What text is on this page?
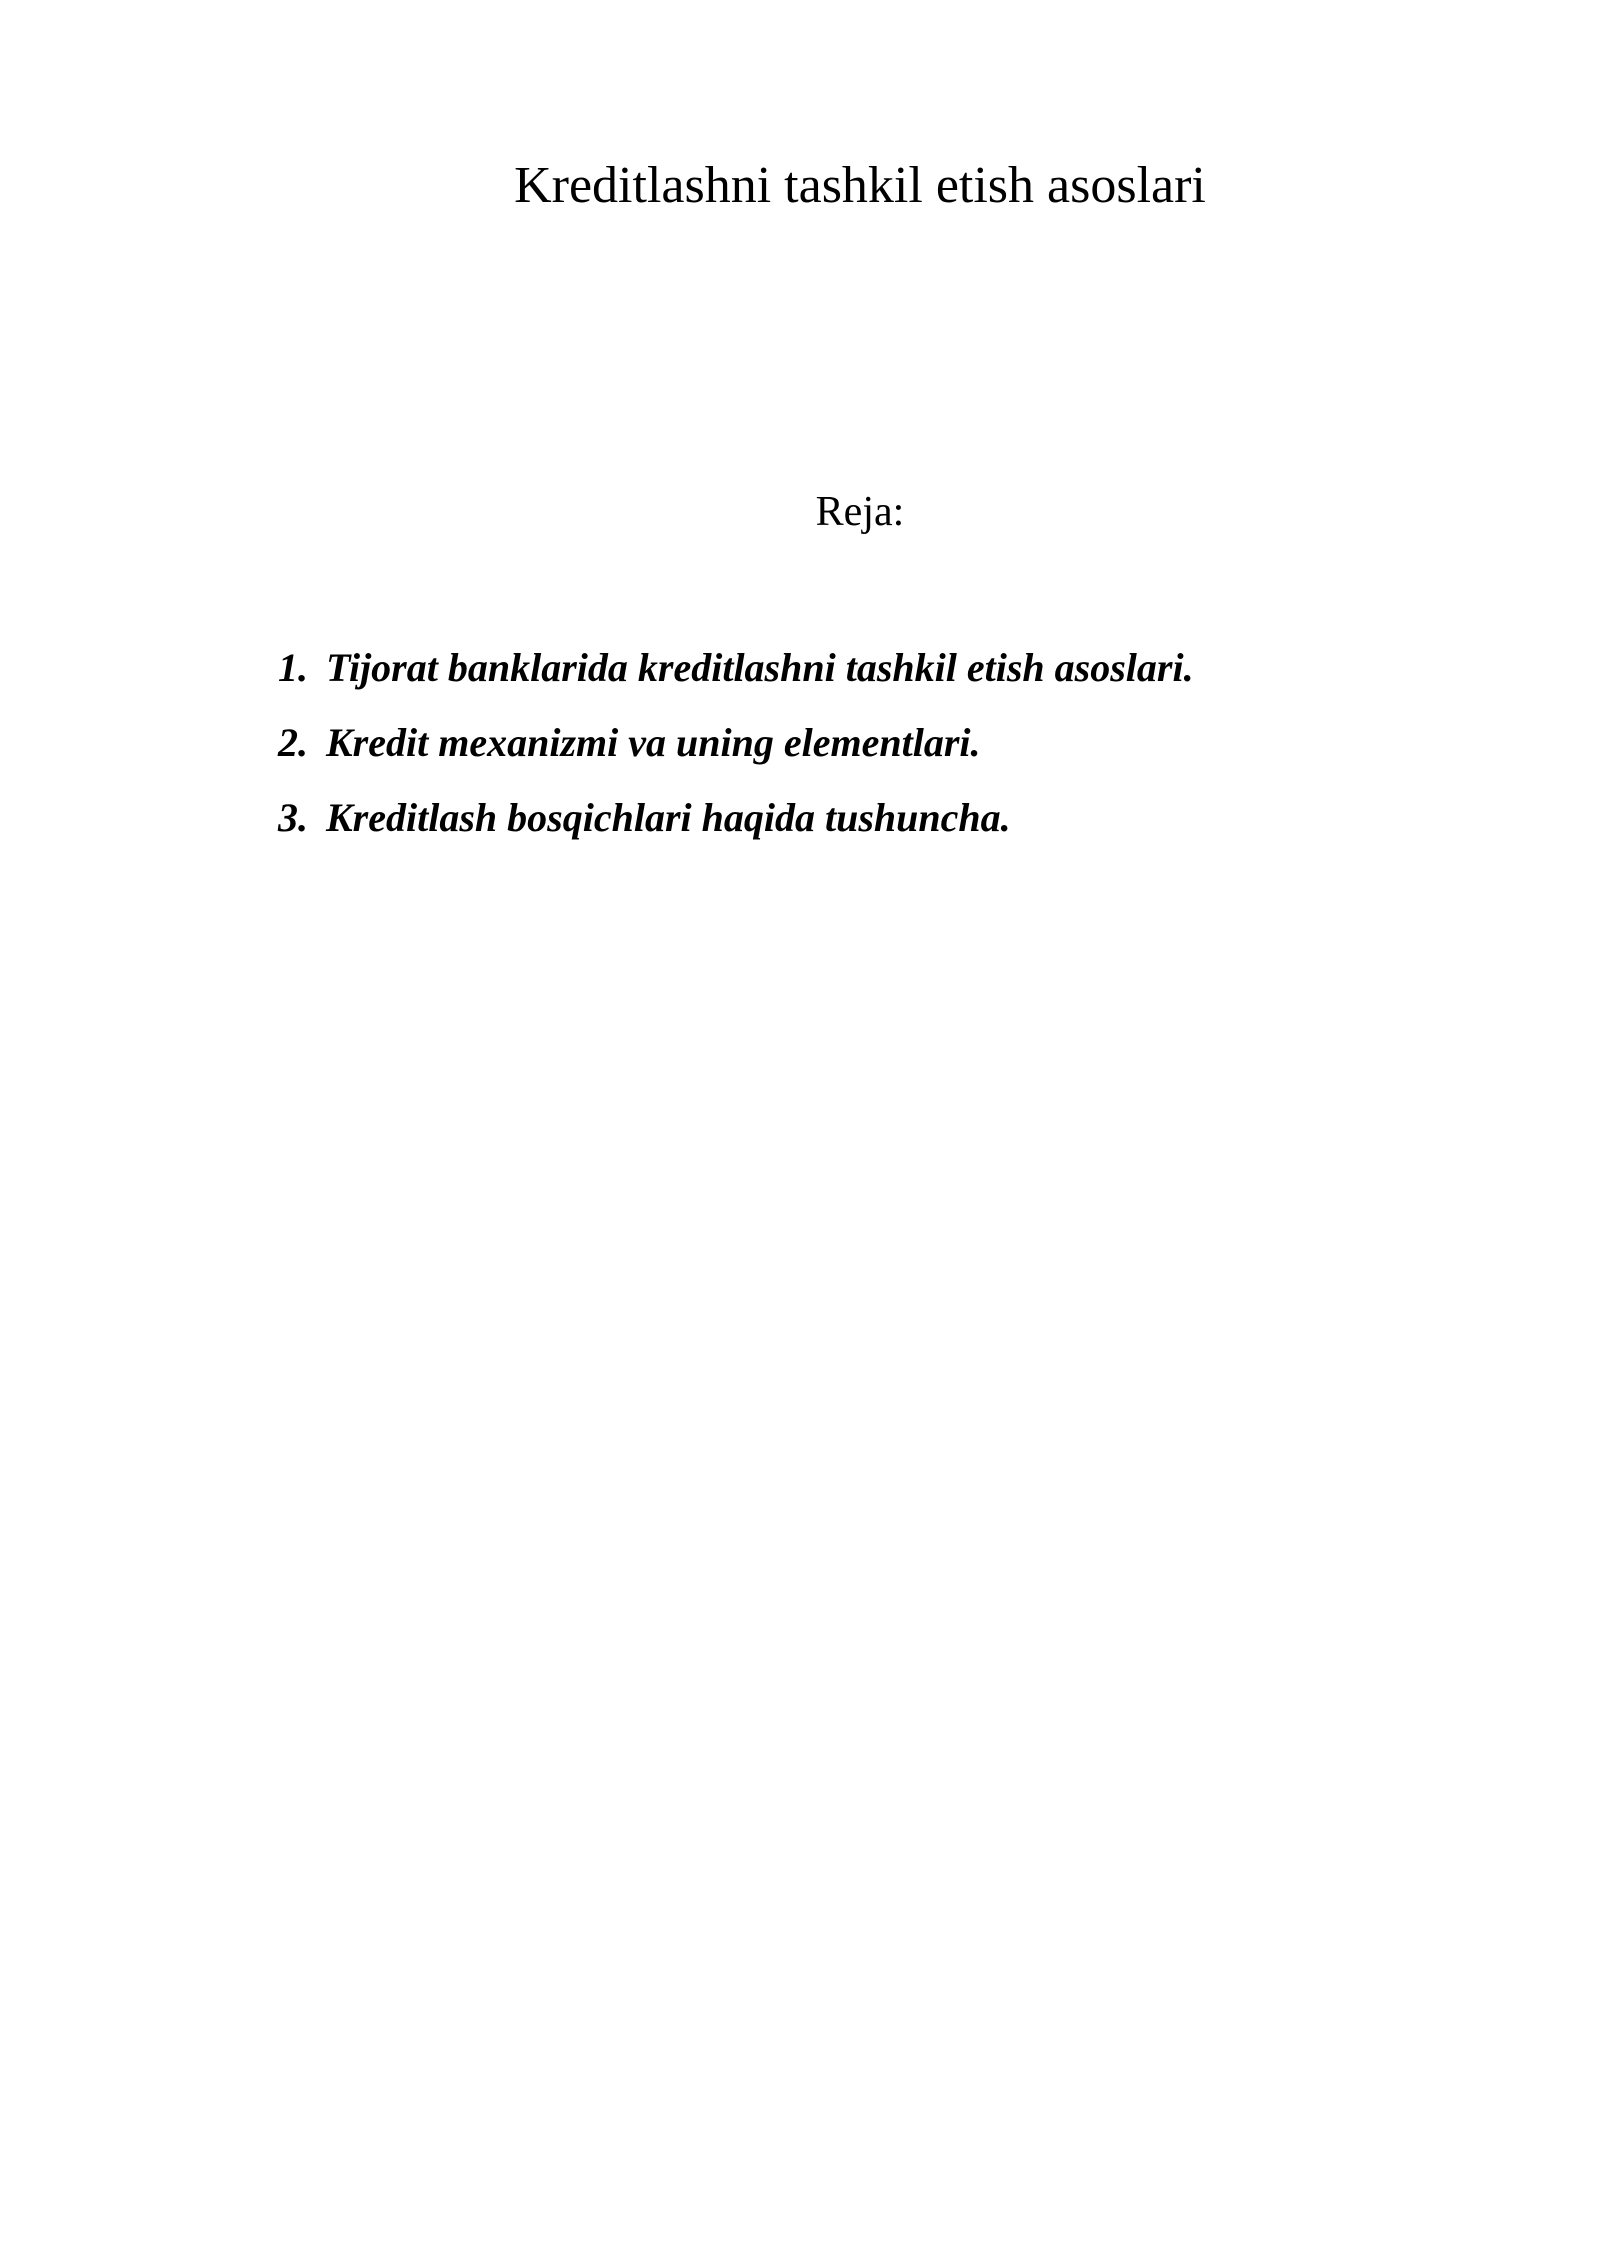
Kreditlashni tashkil etish asoslari

Reja:

1. Tijorat banklarida kreditlashni tashkil etish asoslari.
2. Kredit mexanizmi va uning elementlari.
3. Kreditlash bosqichlari haqida tushuncha.
